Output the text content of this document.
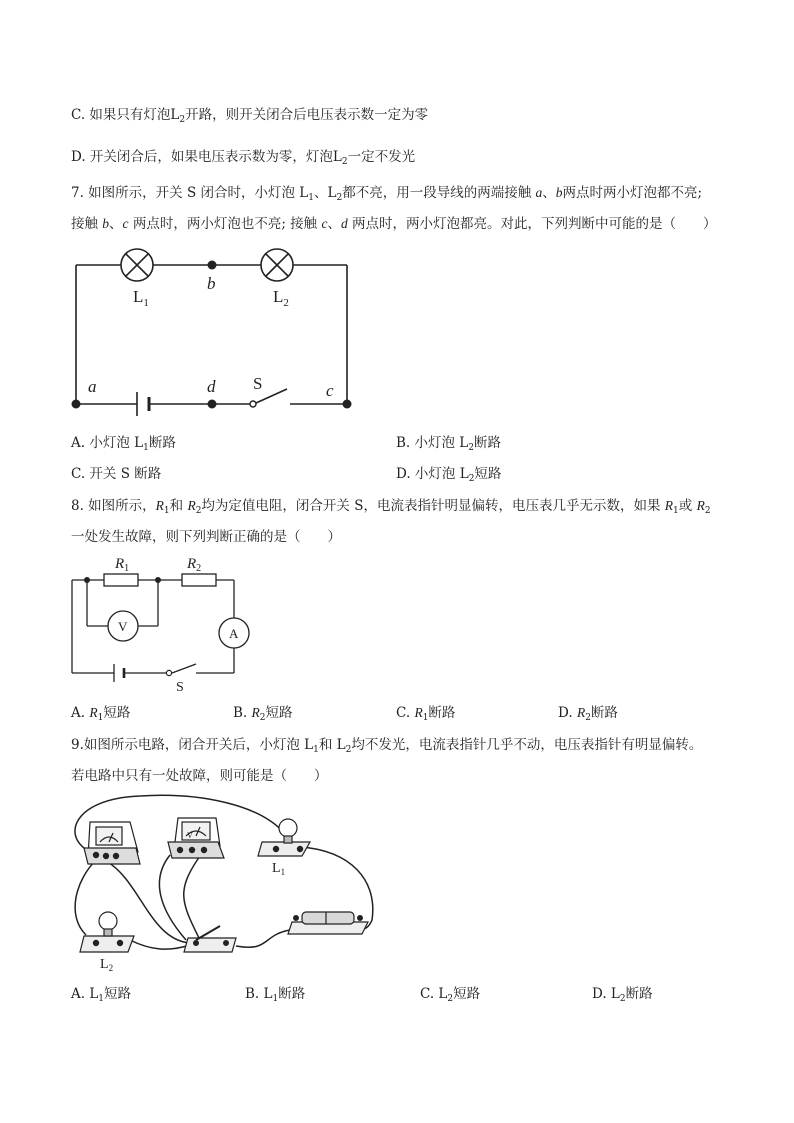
C. 如果只有灯泡$L_2$开路，则开关闭合后电压表示数一定为零
D. 开关闭合后，如果电压表示数为零，灯泡$L_2$一定不发光
7. 如图所示，开关 S 闭合时，小灯泡 $L_1$、$L_2$都不亮，用一段导线的两端接触 a、b两点时两小灯泡都不亮;
接触 b、c 两点时，两小灯泡也不亮; 接触 c、d 两点时，两小灯泡都亮。对此，下列判断中可能的是（　　）
$L_1$	$L_2$
b
a	d	c
S
A. 小灯泡 $L_1$断路	B. 小灯泡 $L_2$断路
C. 开关 S 断路	D. 小灯泡 $L_2$短路
8. 如图所示，$R_1$和 $R_2$均为定值电阻，闭合开关 S，电流表指针明显偏转，电压表几乎无示数，如果 $R_1$或 $R_2$
一处发生故障，则下列判断正确的是（　　）
$R_1$	$R_2$
V	A
S
A. $R_1$短路	B. $R_2$短路	C. $R_1$断路	D. $R_2$断路
9.如图所示电路，闭合开关后，小灯泡 $L_1$和 $L_2$均不发光，电流表指针几乎不动，电压表指针有明显偏转。
若电路中只有一处故障，则可能是（　　）
V
$L_1$
$L_2$
A. $L_1$短路	B. $L_1$断路	C. $L_2$短路	D. $L_2$断路
